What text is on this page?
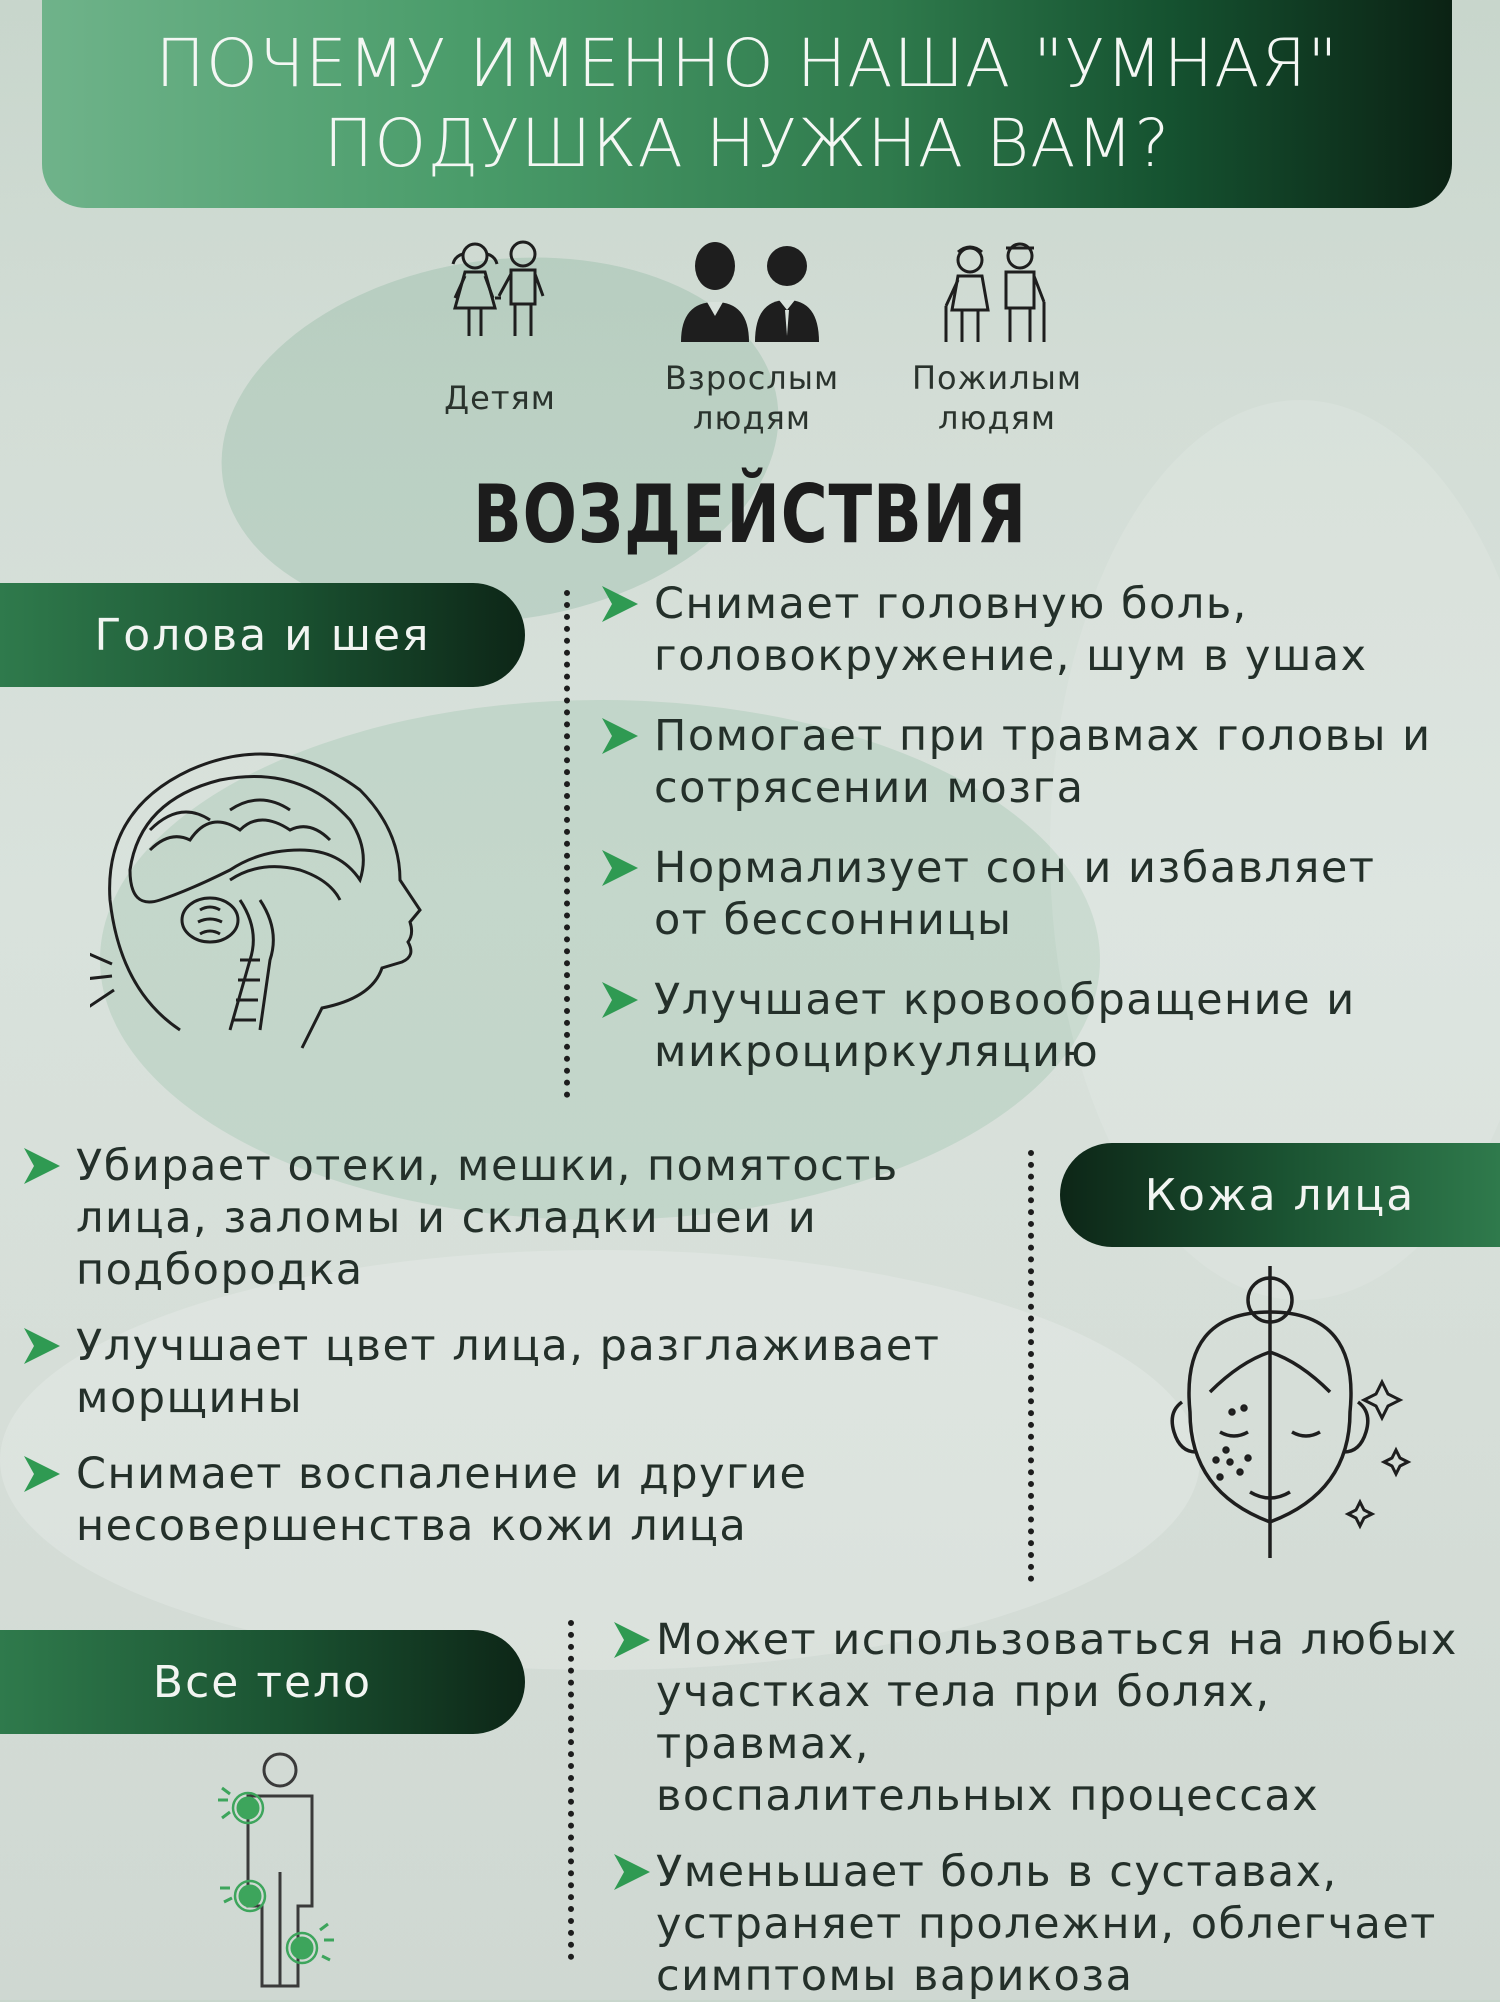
ПОЧЕМУ ИМЕННО НАША "УМНАЯ"
ПОДУШКА НУЖНА ВАМ?
Детям
Взрослым
людям
Пожилым
людям
ВОЗДЕЙСТВИЯ
Голова и шея
Снимает головную боль,
головокружение, шум в ушах
Помогает при травмах головы и
сотрясении мозга
Нормализует сон и избавляет
от бессонницы
Улучшает кровообращение и
микроциркуляцию
Кожа лица
Убирает отеки, мешки, помятость
лица, заломы и складки шеи и
подбородка
Улучшает цвет лица, разглаживает
морщины
Снимает воспаление и другие
несовершенства кожи лица
Все тело
Может использоваться на любых
участках тела при болях, травмах,
воспалительных процессах
Уменьшает боль в суставах,
устраняет пролежни, облегчает
симптомы варикоза
